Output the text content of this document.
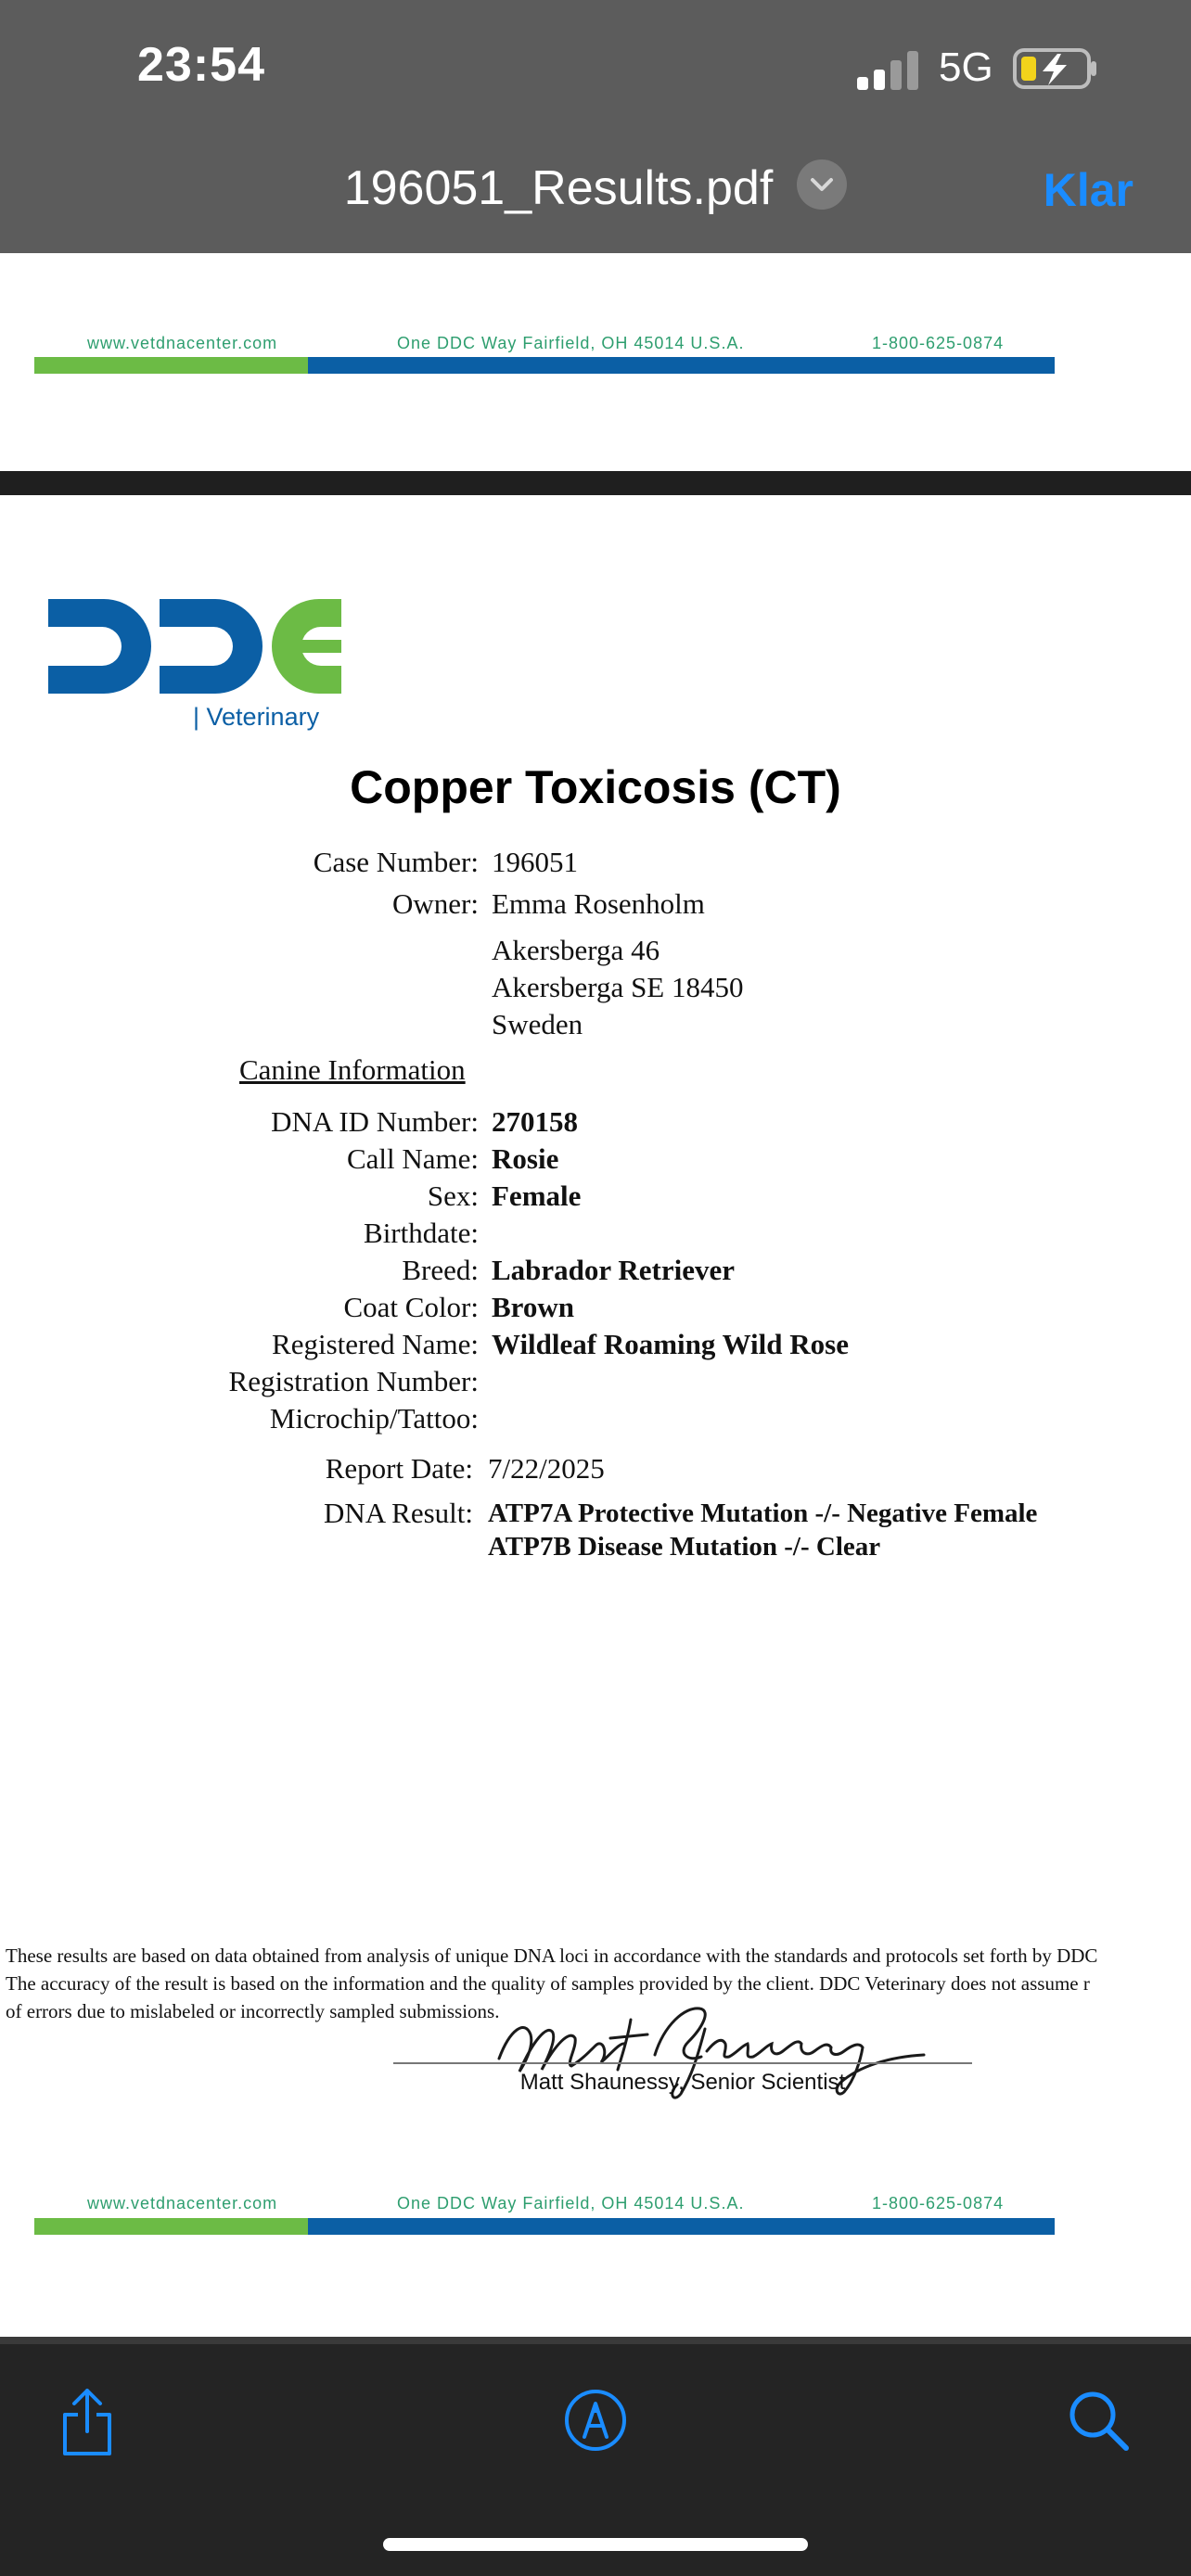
23:54	5G
196051_Results.pdf	Klar
www.vetdnacenter.com	One DDC Way Fairfield, OH 45014 U.S.A.	1-800-625-0874
| Veterinary
Copper Toxicosis (CT)
Case Number: 196051
Owner: Emma Rosenholm
Akersberga 46
Akersberga SE 18450
Sweden
Canine Information
DNA ID Number: 270158
Call Name: Rosie
Sex: Female
Birthdate:
Breed: Labrador Retriever
Coat Color: Brown
Registered Name: Wildleaf Roaming Wild Rose
Registration Number:
Microchip/Tattoo:
Report Date: 7/22/2025
DNA Result: ATP7A Protective Mutation -/- Negative Female
ATP7B Disease Mutation -/- Clear
These results are based on data obtained from analysis of unique DNA loci in accordance with the standards and protocols set forth by DDC
The accuracy of the result is based on the information and the quality of samples provided by the client. DDC Veterinary does not assume r
of errors due to mislabeled or incorrectly sampled submissions.
Matt Shaunessy, Senior Scientist
www.vetdnacenter.com	One DDC Way Fairfield, OH 45014 U.S.A.	1-800-625-0874
